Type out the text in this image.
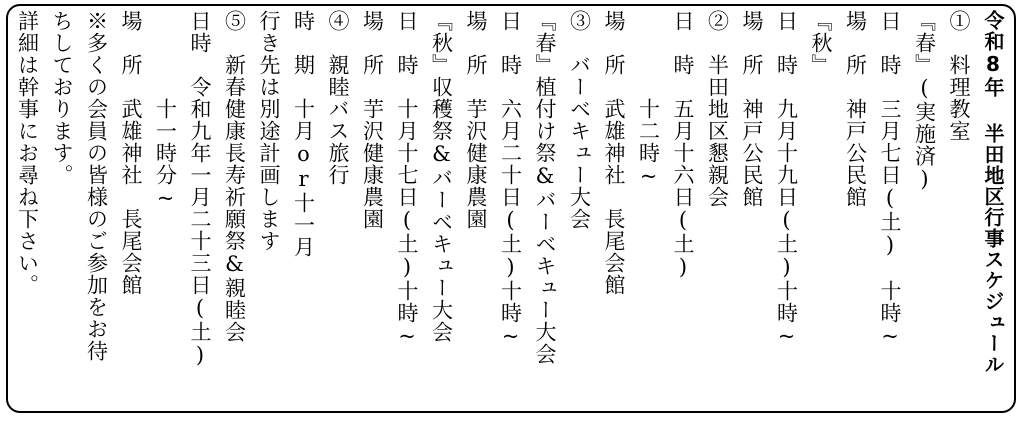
令和8年 半田地区行事スケジュール
①　料理教室
『春』(実施済)
日　時　三月七日(土)　十時~
場　所　神戸公民館
『秋』
日　時　九月十九日(土)十時~
場　所　神戸公民館
②　半田地区懇親会
日　時　五月十六日(土)
　　　　十二時~
場　所　武雄神社　長尾会館
③　バーベキュー大会
『春』植付け祭&バーベキュー大会
日　時　六月二十日(土)十時~
場　所　芋沢健康農園
『秋』収穫祭&バーベキュー大会
日　時　十月十七日(土)十時~
場　所　芋沢健康農園
④　親睦バス旅行
時　期　十月or十一月
行き先は別途計画します
⑤　新春健康長寿祈願祭&親睦会
日時　令和九年一月二十三日(土)
　　　　十一時分~
場　所　武雄神社　長尾会館
※多くの会員の皆様のご参加をお待
ちしております。
詳細は幹事にお尋ね下さい。
